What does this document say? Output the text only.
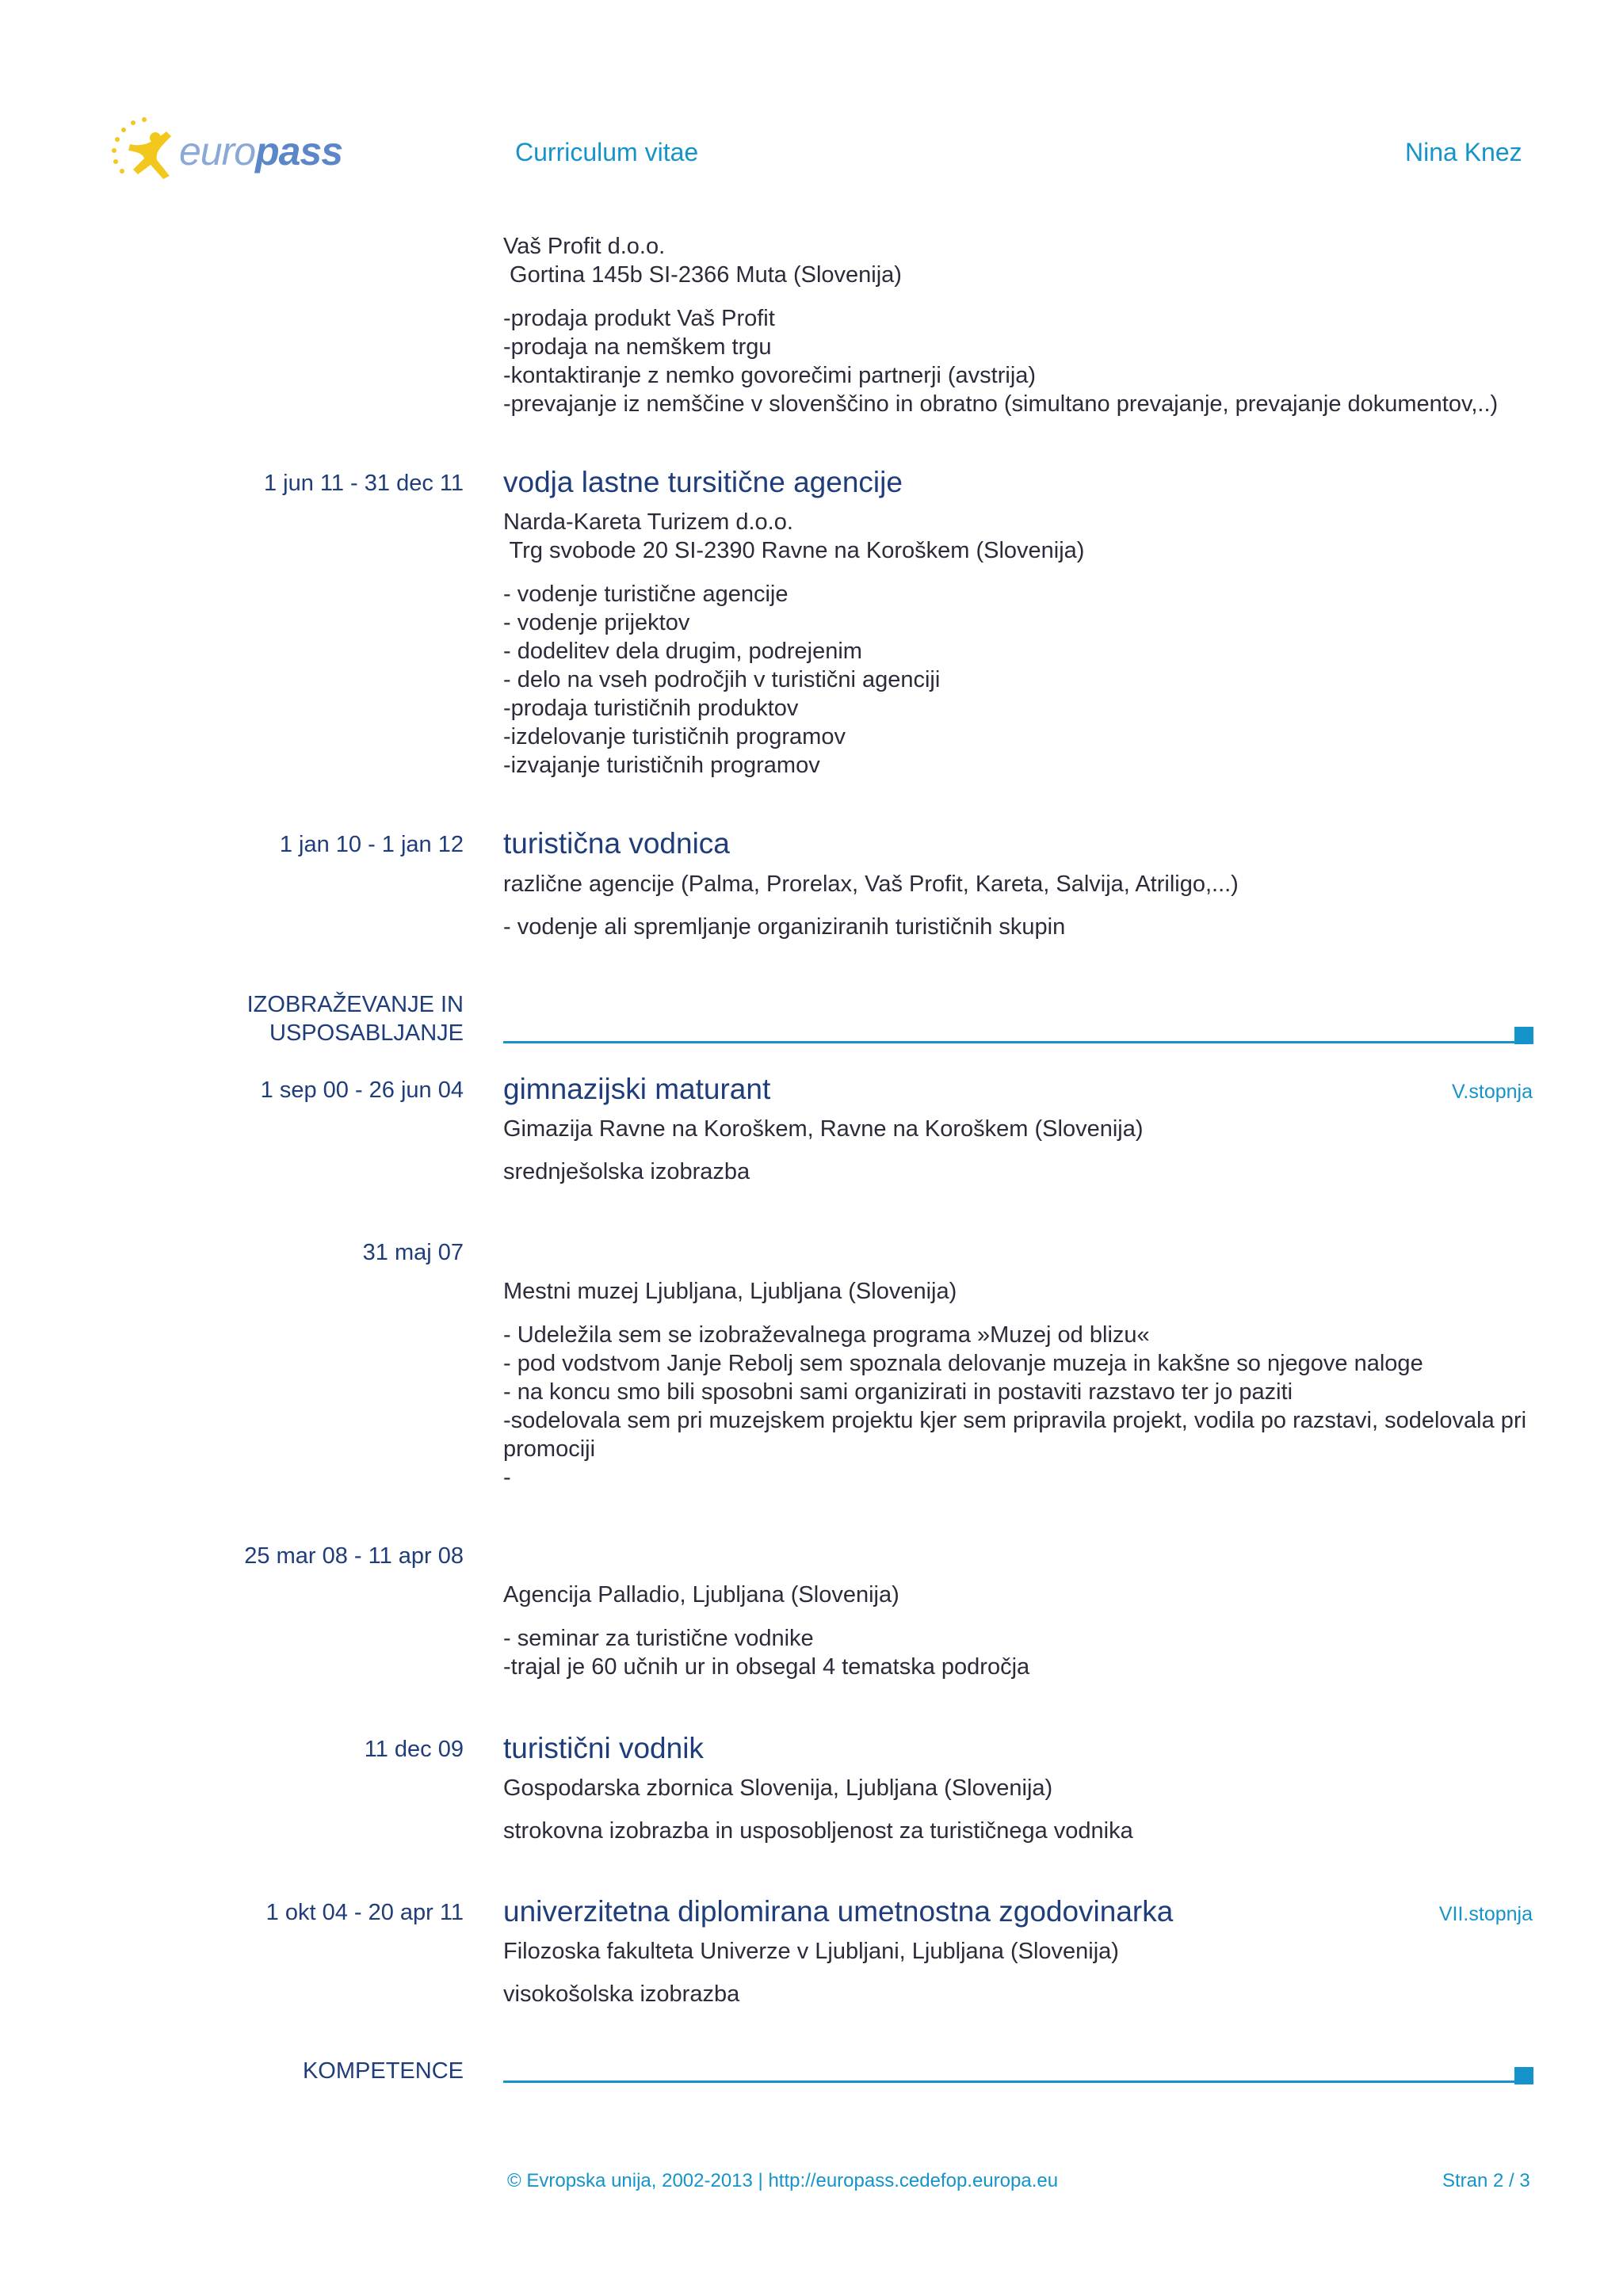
europass	Curriculum vitae	Nina Knez
Vaš Profit d.o.o.
Gortina 145b SI-2366 Muta (Slovenija)
-prodaja produkt Vaš Profit
-prodaja na nemškem trgu
-kontaktiranje z nemko govorečimi partnerji (avstrija)
-prevajanje iz nemščine v slovenščino in obratno (simultano prevajanje, prevajanje dokumentov,..)
1 jun 11 - 31 dec 11 vodja lastne tursitične agencije
Narda-Kareta Turizem d.o.o.
Trg svobode 20 SI-2390 Ravne na Koroškem (Slovenija)
- vodenje turistične agencije
- vodenje prijektov
- dodelitev dela drugim, podrejenim
- delo na vseh področjih v turistični agenciji
-prodaja turističnih produktov
-izdelovanje turističnih programov
-izvajanje turističnih programov
1 jan 10 - 1 jan 12 turistična vodnica
različne agencije (Palma, Prorelax, Vaš Profit, Kareta, Salvija, Atriligo,...)
- vodenje ali spremljanje organiziranih turističnih skupin
IZOBRAŽEVANJE IN
USPOSABLJANJE
1 sep 00 - 26 jun 04 gimnazijski maturant	V.stopnja
Gimazija Ravne na Koroškem, Ravne na Koroškem (Slovenija)
srednješolska izobrazba
31 maj 07
Mestni muzej Ljubljana, Ljubljana (Slovenija)
- Udeležila sem se izobraževalnega programa »Muzej od blizu«
- pod vodstvom Janje Rebolj sem spoznala delovanje muzeja in kakšne so njegove naloge
- na koncu smo bili sposobni sami organizirati in postaviti razstavo ter jo paziti
-sodelovala sem pri muzejskem projektu kjer sem pripravila projekt, vodila po razstavi, sodelovala pri promociji
-
25 mar 08 - 11 apr 08
Agencija Palladio, Ljubljana (Slovenija)
- seminar za turistične vodnike
-trajal je 60 učnih ur in obsegal 4 tematska področja
11 dec 09 turistični vodnik
Gospodarska zbornica Slovenija, Ljubljana (Slovenija)
strokovna izobrazba in usposobljenost za turističnega vodnika
1 okt 04 - 20 apr 11 univerzitetna diplomirana umetnostna zgodovinarka	VII.stopnja
Filozoska fakulteta Univerze v Ljubljani, Ljubljana (Slovenija)
visokošolska izobrazba
KOMPETENCE
© Evropska unija, 2002-2013 | http://europass.cedefop.europa.eu	Stran 2 / 3
